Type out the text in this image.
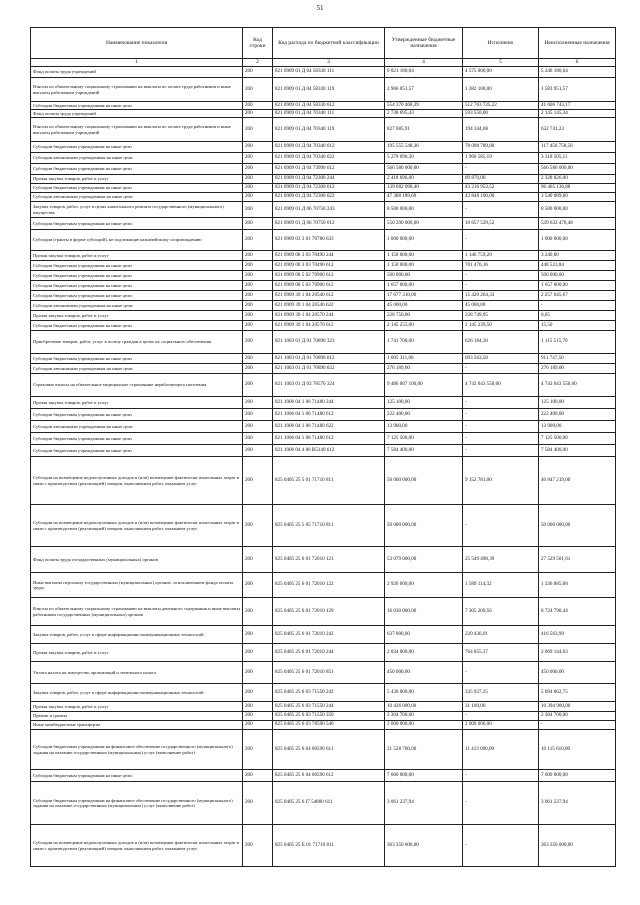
51
Наименование показателя	Код строки	Код расхода по бюджетной классификации	Утвержденные бюджетные назначения	Исполнено	Неисполненные назначения
1	2	3	4	5	6
Фонд оплаты труда учреждений	200	821 0909 01 Д 04 58330 111	9 821 180,04	4 575 000,00	5 246 180,04
Взносы по обязательному социальному страхованию на выплаты по оплате труда работников и иные выплаты работникам учреждений	200	821 0909 01 Д 04 58330 119	2 966 051,57	1 382 100,00	1 583 951,57
Субсидии бюджетным учреждениям на иные цели	200	821 0909 01 Д 04 58330 612	554 370 468,39	512 763 725,22	41 606 743,17
Фонд оплаты труда учреждений	200	821 0909 01 Д 04 70340 111	2 738 695,43	593 550,00	2 145 145,34
Взносы по обязательному социальному страхованию на выплаты по оплате труда работников и иные выплаты работникам учреждений	200	821 0909 01 Д 04 70340 119	827 085,91	194 344,68	632 741,23
Субсидии бюджетным учреждениям на иные цели	200	821 0909 01 Д 04 70340 612	195 555 548,36	78 098 789,80	117 456 758,56
Субсидии автономным учреждениям на иные цели	200	821 0909 01 Д 04 70340 622	5 279 090,30	1 960 585,19	3 318 505,11
Субсидии бюджетным учреждениям на иные цели	200	821 0909 01 Д 04 73990 612	566 580 000,00	-	566 580 000,00
Прочая закупка товаров, работ и услуг	200	821 0909 01 Д 04 72300 244	2 418 696,00	89 870,00	2 328 826,00
Субсидии бюджетным учреждениям на иные цели	200	821 0909 01 Д 04 72300 612	139 682 090,40	43 216 953,52	96 465 136,88
Субсидии автономным учреждениям на иные цели	200	821 0909 01 Д 04 72300 622	47 388 189,60	43 848 100,00	3 540 089,60
Закупка товаров, работ, услуг в целях капитального ремонта государственного (муниципального) имущества	200	821 0909 01 Д 06 70750 243	8 500 000,00	-	8 500 000,00
Субсидии бюджетным учреждениям на иные цели	200	821 0909 01 Д 06 70750 612	550 290 000,00	10 657 529,52	539 632 470,48
Субсидии (гранты в форме субсидий), не подлежащие казначейскому сопровождению	200	821 0909 03 3 01 70780 633	1 000 000,00	-	1 000 000,00
Прочая закупка товаров, работ и услуг	200	821 0909 08 3 03 70490 244	1 150 000,00	1 146 759,20	3 240,80
Субсидии бюджетным учреждениям на иные цели	200	821 0909 08 3 03 70490 612	1 150 000,00	701 476,16	448 523,84
Субсидии бюджетным учреждениям на иные цели	200	821 0909 08 5 02 70900 612	500 000,00	-	500 000,00
Субсидии бюджетным учреждениям на иные цели	200	821 0909 08 5 03 70900 612	1 657 000,00	-	1 657 000,00
Субсидии бюджетным учреждениям на иные цели	200	821 0909 39 1 04 20540 612	17 677 310,00	15 420 264,33	2 257 045,67
Субсидии автономным учреждениям на иные цели	200	821 0909 39 1 04 20540 622	45 000,00	45 000,00	-
Прочая закупка товаров, работ и услуг	200	821 0909 39 1 04 20570 244	228 750,00	228 749,95	0,05
Субсидии бюджетным учреждениям на иные цели	200	821 0909 39 1 04 20570 612	2 145 255,00	2 145 239,50	15,50
Приобретение товаров, работ, услуг в пользу граждан в целях их социального обеспечения	200	821 1003 01 Д 01 70890 323	1 741 700,00	626 184,30	1 115 515,70
Субсидии бюджетным учреждениям на иные цели	200	821 1003 01 Д 01 70890 612	1 605 311,00	693 563,50	911 747,50
Субсидии автономным учреждениям на иные цели	200	821 1003 01 Д 01 70890 622	276 189,00	-	276 189,00
Страховые взносы на обязательное медицинское страхование неработающего населения	200	821 1003 01 Д 03 78570 324	9 486 087 100,00	4 743 043 550,00	4 743 043 550,00
Прочая закупка товаров, работ и услуг	200	821 1006 04 1 06 71480 244	125 100,00	-	125 100,00
Субсидии бюджетным учреждениям на иные цели	200	821 1006 04 1 06 71480 612	222 400,00	-	222 400,00
Субсидии автономным учреждениям на иные цели	200	821 1006 04 1 06 71480 622	13 900,00	-	13 900,00
Субсидии бюджетным учреждениям на иные цели	200	821 1006 04 1 08 71480 612	7 125 500,00	-	7 125 500,00
Субсидии бюджетным учреждениям на иные цели	200	821 1006 04 4 06 R5140 612	7 584 400,00	-	7 584 400,00
Субсидии на возмещение недополученных доходов и (или) возмещение фактически понесенных затрат в связи с производством (реализацией) товаров, выполнением работ, оказанием услуг	200	825 0405 25 5 01 71710 811	50 000 000,00	9 152 781,00	40 847 219,00
Субсидии на возмещение недополученных доходов и (или) возмещение фактически понесенных затрат в связи с производством (реализацией) товаров, выполнением работ, оказанием услуг	200	825 0405 25 5 05 71710 811	50 000 000,00	-	50 000 000,00
Фонд оплаты труда государственных (муниципальных) органов	200	825 0405 25 6 01 72010 121	53 079 000,00	25 549 498,39	27 529 501,61
Иные выплаты персоналу государственных (муниципальных) органов, за исключением фонда оплаты труда	200	825 0405 25 6 01 72010 122	2 926 000,00	1 589 114,32	1 336 885,68
Взносы по обязательному социальному страхованию на выплаты денежного содержания и иные выплаты работникам государственных (муниципальных) органов	200	825 0405 25 6 01 72010 129	16 030 000,00	7 305 209,56	8 724 790,44
Закупка товаров, работ, услуг в сфере информационно-коммуникационных технологий	200	825 0405 25 6 01 72010 242	637 000,00	220 436,01	416 563,99
Прочая закупка товаров, работ и услуг	200	825 0405 25 6 01 72010 244	2 834 000,00	764 855,37	2 069 144,63
Уплата налога на имущество организаций и земельного налога	200	825 0405 25 6 01 72010 851	450 000,00	-	450 000,00
Закупка товаров, работ, услуг в сфере информационно-коммуникационных технологий	200	825 0405 25 6 03 71550 242	5 430 000,00	335 937,25	5 094 062,75
Прочая закупка товаров, работ и услуг	200	825 0405 25 6 03 71550 244	10 426 000,00	31 100,00	10 394 900,00
Премии и гранты	200	825 0405 25 6 03 71550 350	2 304 700,00	-	2 304 700,00
Иные межбюджетные трансферты	200	825 0405 25 6 03 78590 540	2 000 000,00	2 000 000,00	-
Субсидии бюджетным учреждениям на финансовое обеспечение государственного (муниципального) задания на оказание государственных (муниципальных) услуг (выполнение работ)	200	825 0405 25 6 04 00590 611	21 528 700,00	11 413 090,00	10 115 610,00
Субсидии бюджетным учреждениям на иные цели	200	825 0405 25 6 04 00590 612	7 600 000,00	-	7 600 000,00
Субсидии бюджетным учреждениям на финансовое обеспечение государственного (муниципального) задания на оказание государственных (муниципальных) услуг (выполнение работ)	200	825 0405 25 6 I7 54800 611	3 061 237,94	-	3 061 237,94
Субсидии на возмещение недополученных доходов и (или) возмещение фактически понесенных затрат в связи с производством (реализацией) товаров, выполнением работ, оказанием услуг	200	825 0405 25 Е 01 71710 811	363 350 000,00	-	363 350 000,00
